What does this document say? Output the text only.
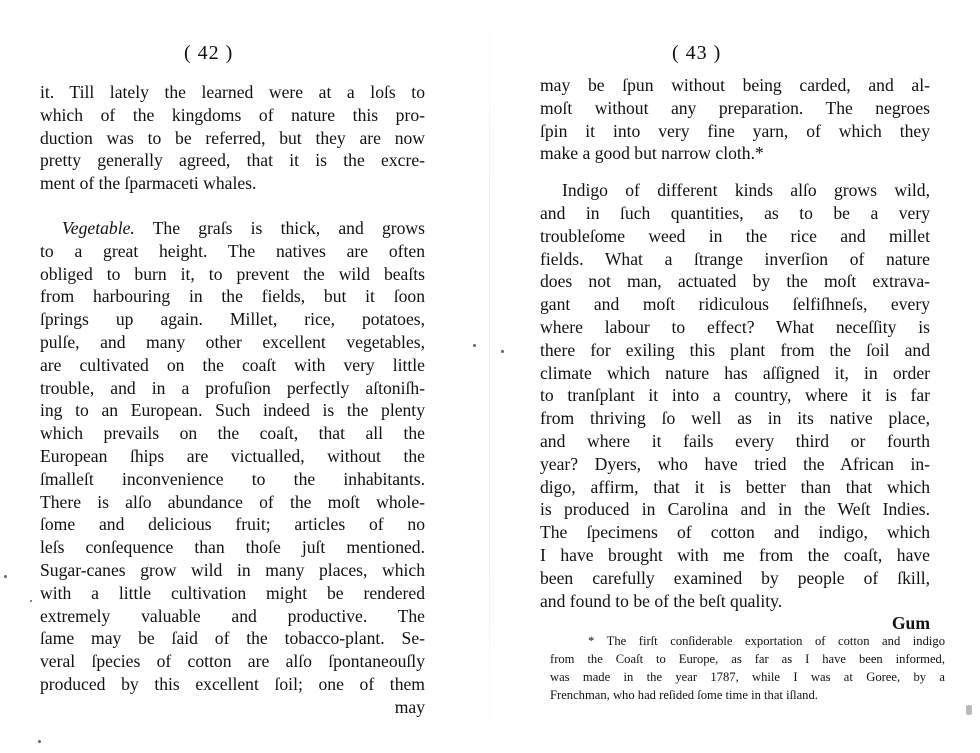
( 42 )
it. Till lately the learned were at a loſs to
which of the kingdoms of nature this pro-
duction was to be referred, but they are now
pretty generally agreed, that it is the excre-
ment of the ſparmaceti whales.
Vegetable. The graſs is thick, and grows
to a great height. The natives are often
obliged to burn it, to prevent the wild beaſts
from harbouring in the fields, but it ſoon
ſprings up again. Millet, rice, potatoes,
pulſe, and many other excellent vegetables,
are cultivated on the coaſt with very little
trouble, and in a profuſion perfectly aſtoniſh-
ing to an European. Such indeed is the plenty
which prevails on the coaſt, that all the
European ſhips are victualled, without the
ſmalleſt inconvenience to the inhabitants.
There is alſo abundance of the moſt whole-
ſome and delicious fruit; articles of no
leſs conſequence than thoſe juſt mentioned.
Sugar-canes grow wild in many places, which
with a little cultivation might be rendered
extremely valuable and productive. The
ſame may be ſaid of the tobacco-plant. Se-
veral ſpecies of cotton are alſo ſpontaneouſly
produced by this excellent ſoil; one of them
may
( 43 )
may be ſpun without being carded, and al-
moſt without any preparation. The negroes
ſpin it into very fine yarn, of which they
make a good but narrow cloth.*
Indigo of different kinds alſo grows wild,
and in ſuch quantities, as to be a very
troubleſome weed in the rice and millet
fields. What a ſtrange inverſion of nature
does not man, actuated by the moſt extrava-
gant and moſt ridiculous ſelfiſhneſs, every
where labour to effect? What neceſſity is
there for exiling this plant from the ſoil and
climate which nature has aſſigned it, in order
to tranſplant it into a country, where it is far
from thriving ſo well as in its native place,
and where it fails every third or fourth
year? Dyers, who have tried the African in-
digo, affirm, that it is better than that which
is produced in Carolina and in the Weſt Indies.
The ſpecimens of cotton and indigo, which
I have brought with me from the coaſt, have
been carefully examined by people of ſkill,
and found to be of the beſt quality.
Gum
* The firſt conſiderable exportation of cotton and indigo
from the Coaſt to Europe, as far as I have been informed,
was made in the year 1787, while I was at Goree, by a
Frenchman, who had reſided ſome time in that iſland.
